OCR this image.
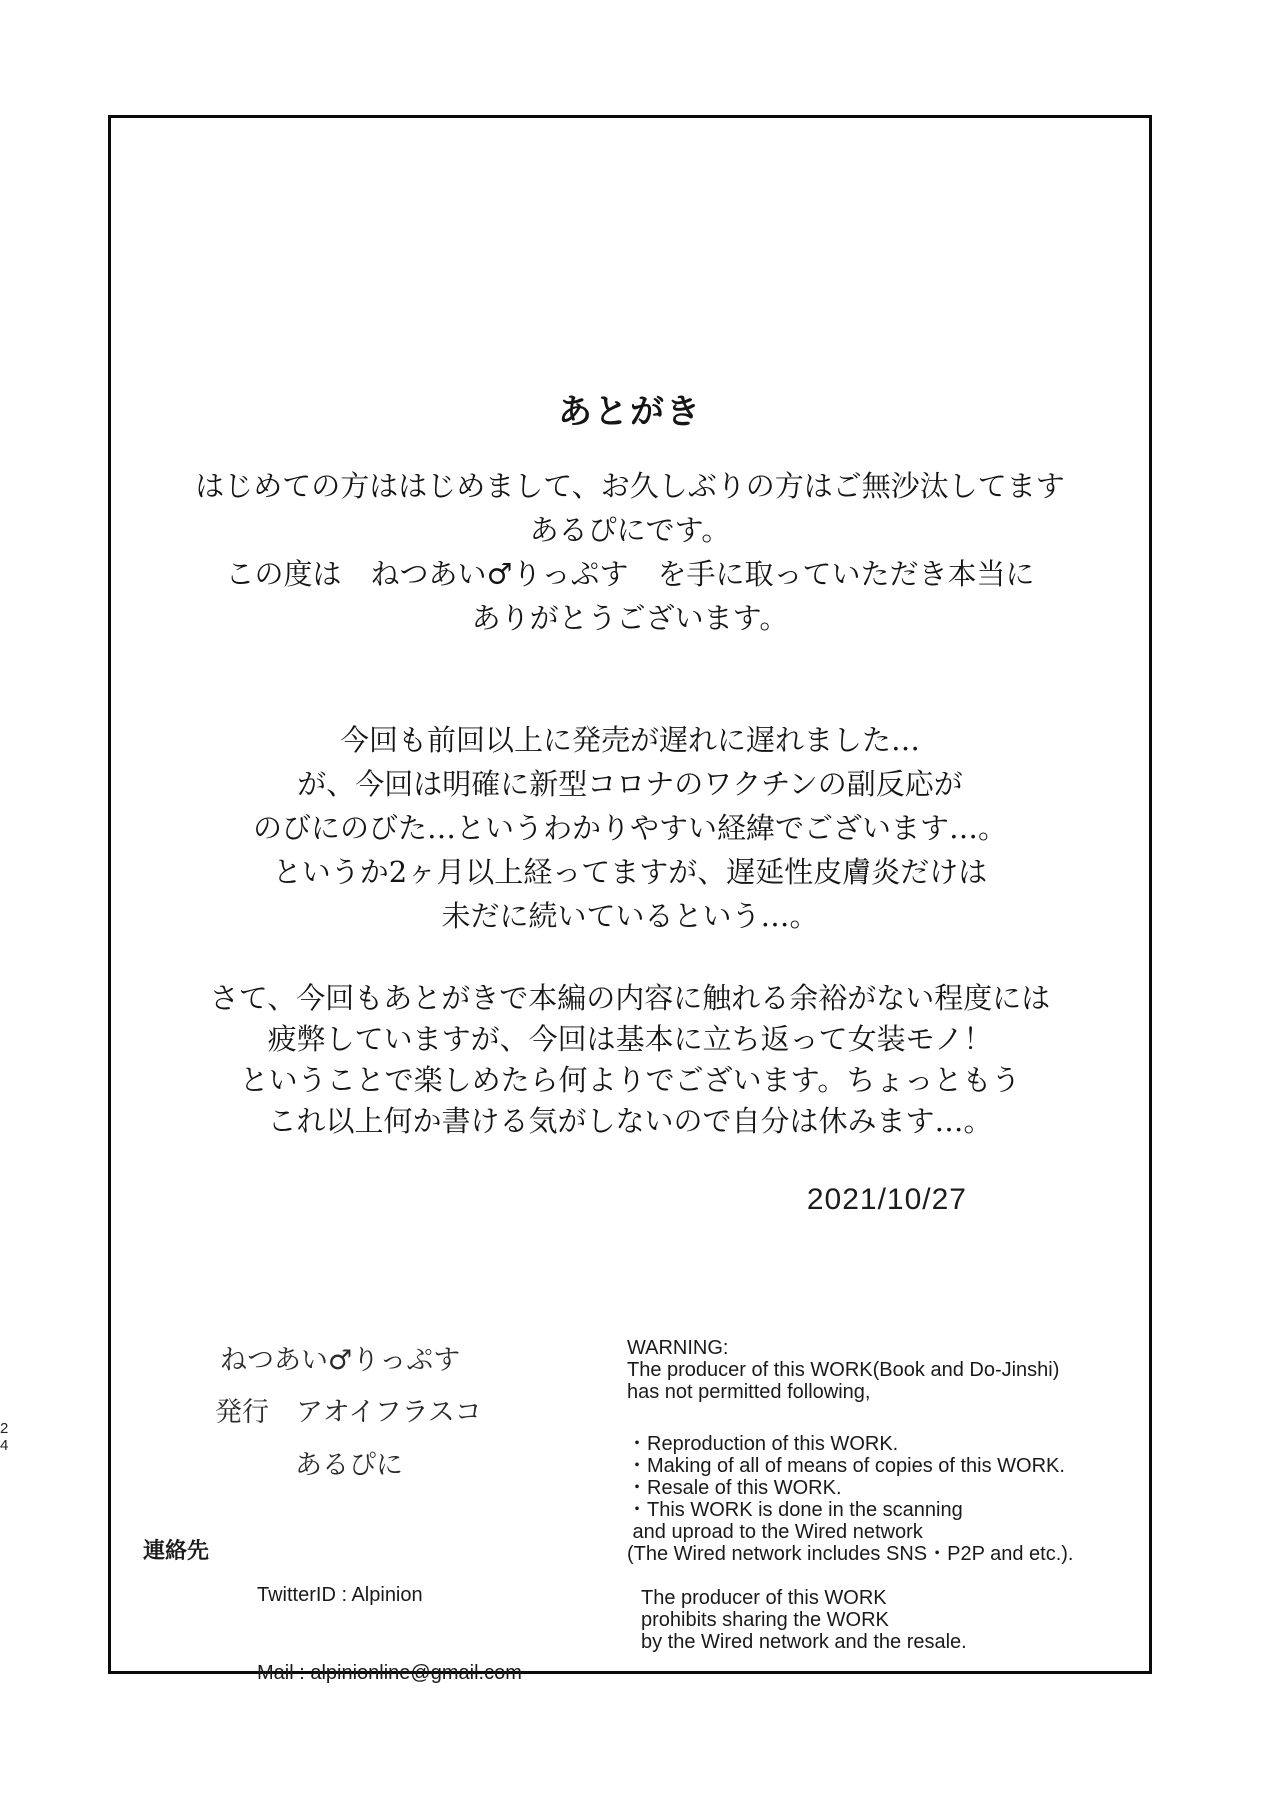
24
あとがき
はじめての方ははじめまして、お久しぶりの方はご無沙汰してます
あるぴにです。
この度は　ねつあい♂りっぷす　を手に取っていただき本当に
ありがとうございます。
今回も前回以上に発売が遅れに遅れました…
が、今回は明確に新型コロナのワクチンの副反応が
のびにのびた…というわかりやすい経緯でございます…。
というか2ヶ月以上経ってますが、遅延性皮膚炎だけは
未だに続いているという…。
さて、今回もあとがきで本編の内容に触れる余裕がない程度には
疲弊していますが、今回は基本に立ち返って女装モノ！
ということで楽しめたら何よりでございます。ちょっともう
これ以上何か書ける気がしないので自分は休みます…。
2021/10/27
ねつあい♂りっぷす
発行　アオイフラスコ
あるぴに
連絡先

TwitterID : Alpinion

Mail : alpinionline@gmail.com

WARNING:
The producer of this WORK(Book and Do-Jinshi)
has not permitted following,
・Reproduction of this WORK.
・Making of all of means of copies of this WORK.
・Resale of this WORK.
・This WORK is done in the scanning
and uproad to the Wired network
(The Wired network includes SNS・P2P and etc.).
The producer of this WORK
prohibits sharing the WORK
by the Wired network and the resale.
